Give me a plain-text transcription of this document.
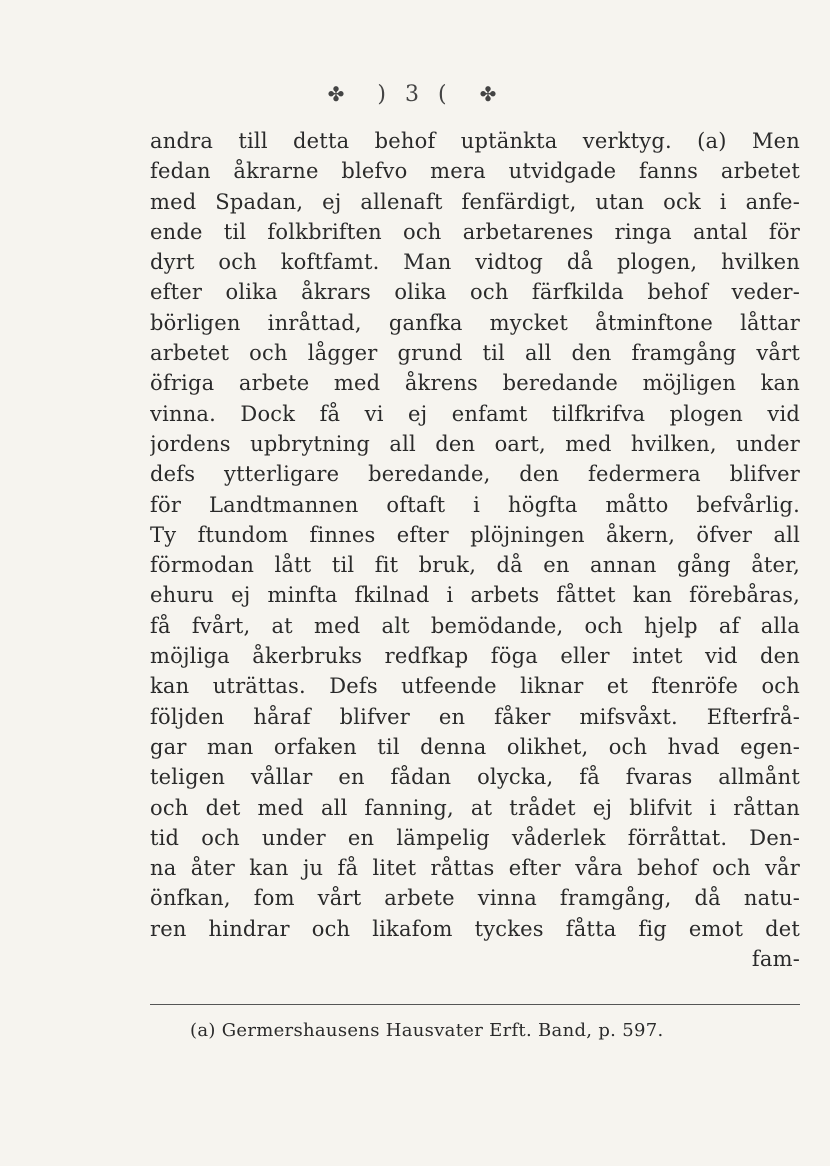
✤ ) 3 ( ✤
andra till detta behof uptänkta verktyg. (a) Men
fedan åkrarne blefvo mera utvidgade fanns arbetet
med Spadan, ej allenaft fenfärdigt, utan ock i anfe-
ende til folkbriften och arbetarenes ringa antal för
dyrt och koftfamt. Man vidtog då plogen, hvilken
efter olika åkrars olika och färfkilda behof veder-
börligen inråttad, ganfka mycket åtminftone låttar
arbetet och lågger grund til all den framgång vårt
öfriga arbete med åkrens beredande möjligen kan
vinna. Dock få vi ej enfamt tilfkrifva plogen vid
jordens upbrytning all den oart, med hvilken, under
defs ytterligare beredande, den federmera blifver
för Landtmannen oftaft i högfta måtto befvårlig.
Ty ftundom finnes efter plöjningen åkern, öfver all
förmodan lått til fit bruk, då en annan gång åter,
ehuru ej minfta fkilnad i arbets fåttet kan förebåras,
få fvårt, at med alt bemödande, och hjelp af alla
möjliga åkerbruks redfkap föga eller intet vid den
kan uträttas. Defs utfeende liknar et ftenröfe och
följden håraf blifver en fåker mifsvåxt. Efterfrå-
gar man orfaken til denna olikhet, och hvad egen-
teligen vållar en fådan olycka, få fvaras allmånt
och det med all fanning, at trådet ej blifvit i råttan
tid och under en lämpelig våderlek förråttat. Den-
na åter kan ju få litet råttas efter våra behof och vår
önfkan, fom vårt arbete vinna framgång, då natu-
ren hindrar och likafom tyckes fåtta fig emot det
fam-
(a) Germershausens Hausvater Erft. Band, p. 597.
